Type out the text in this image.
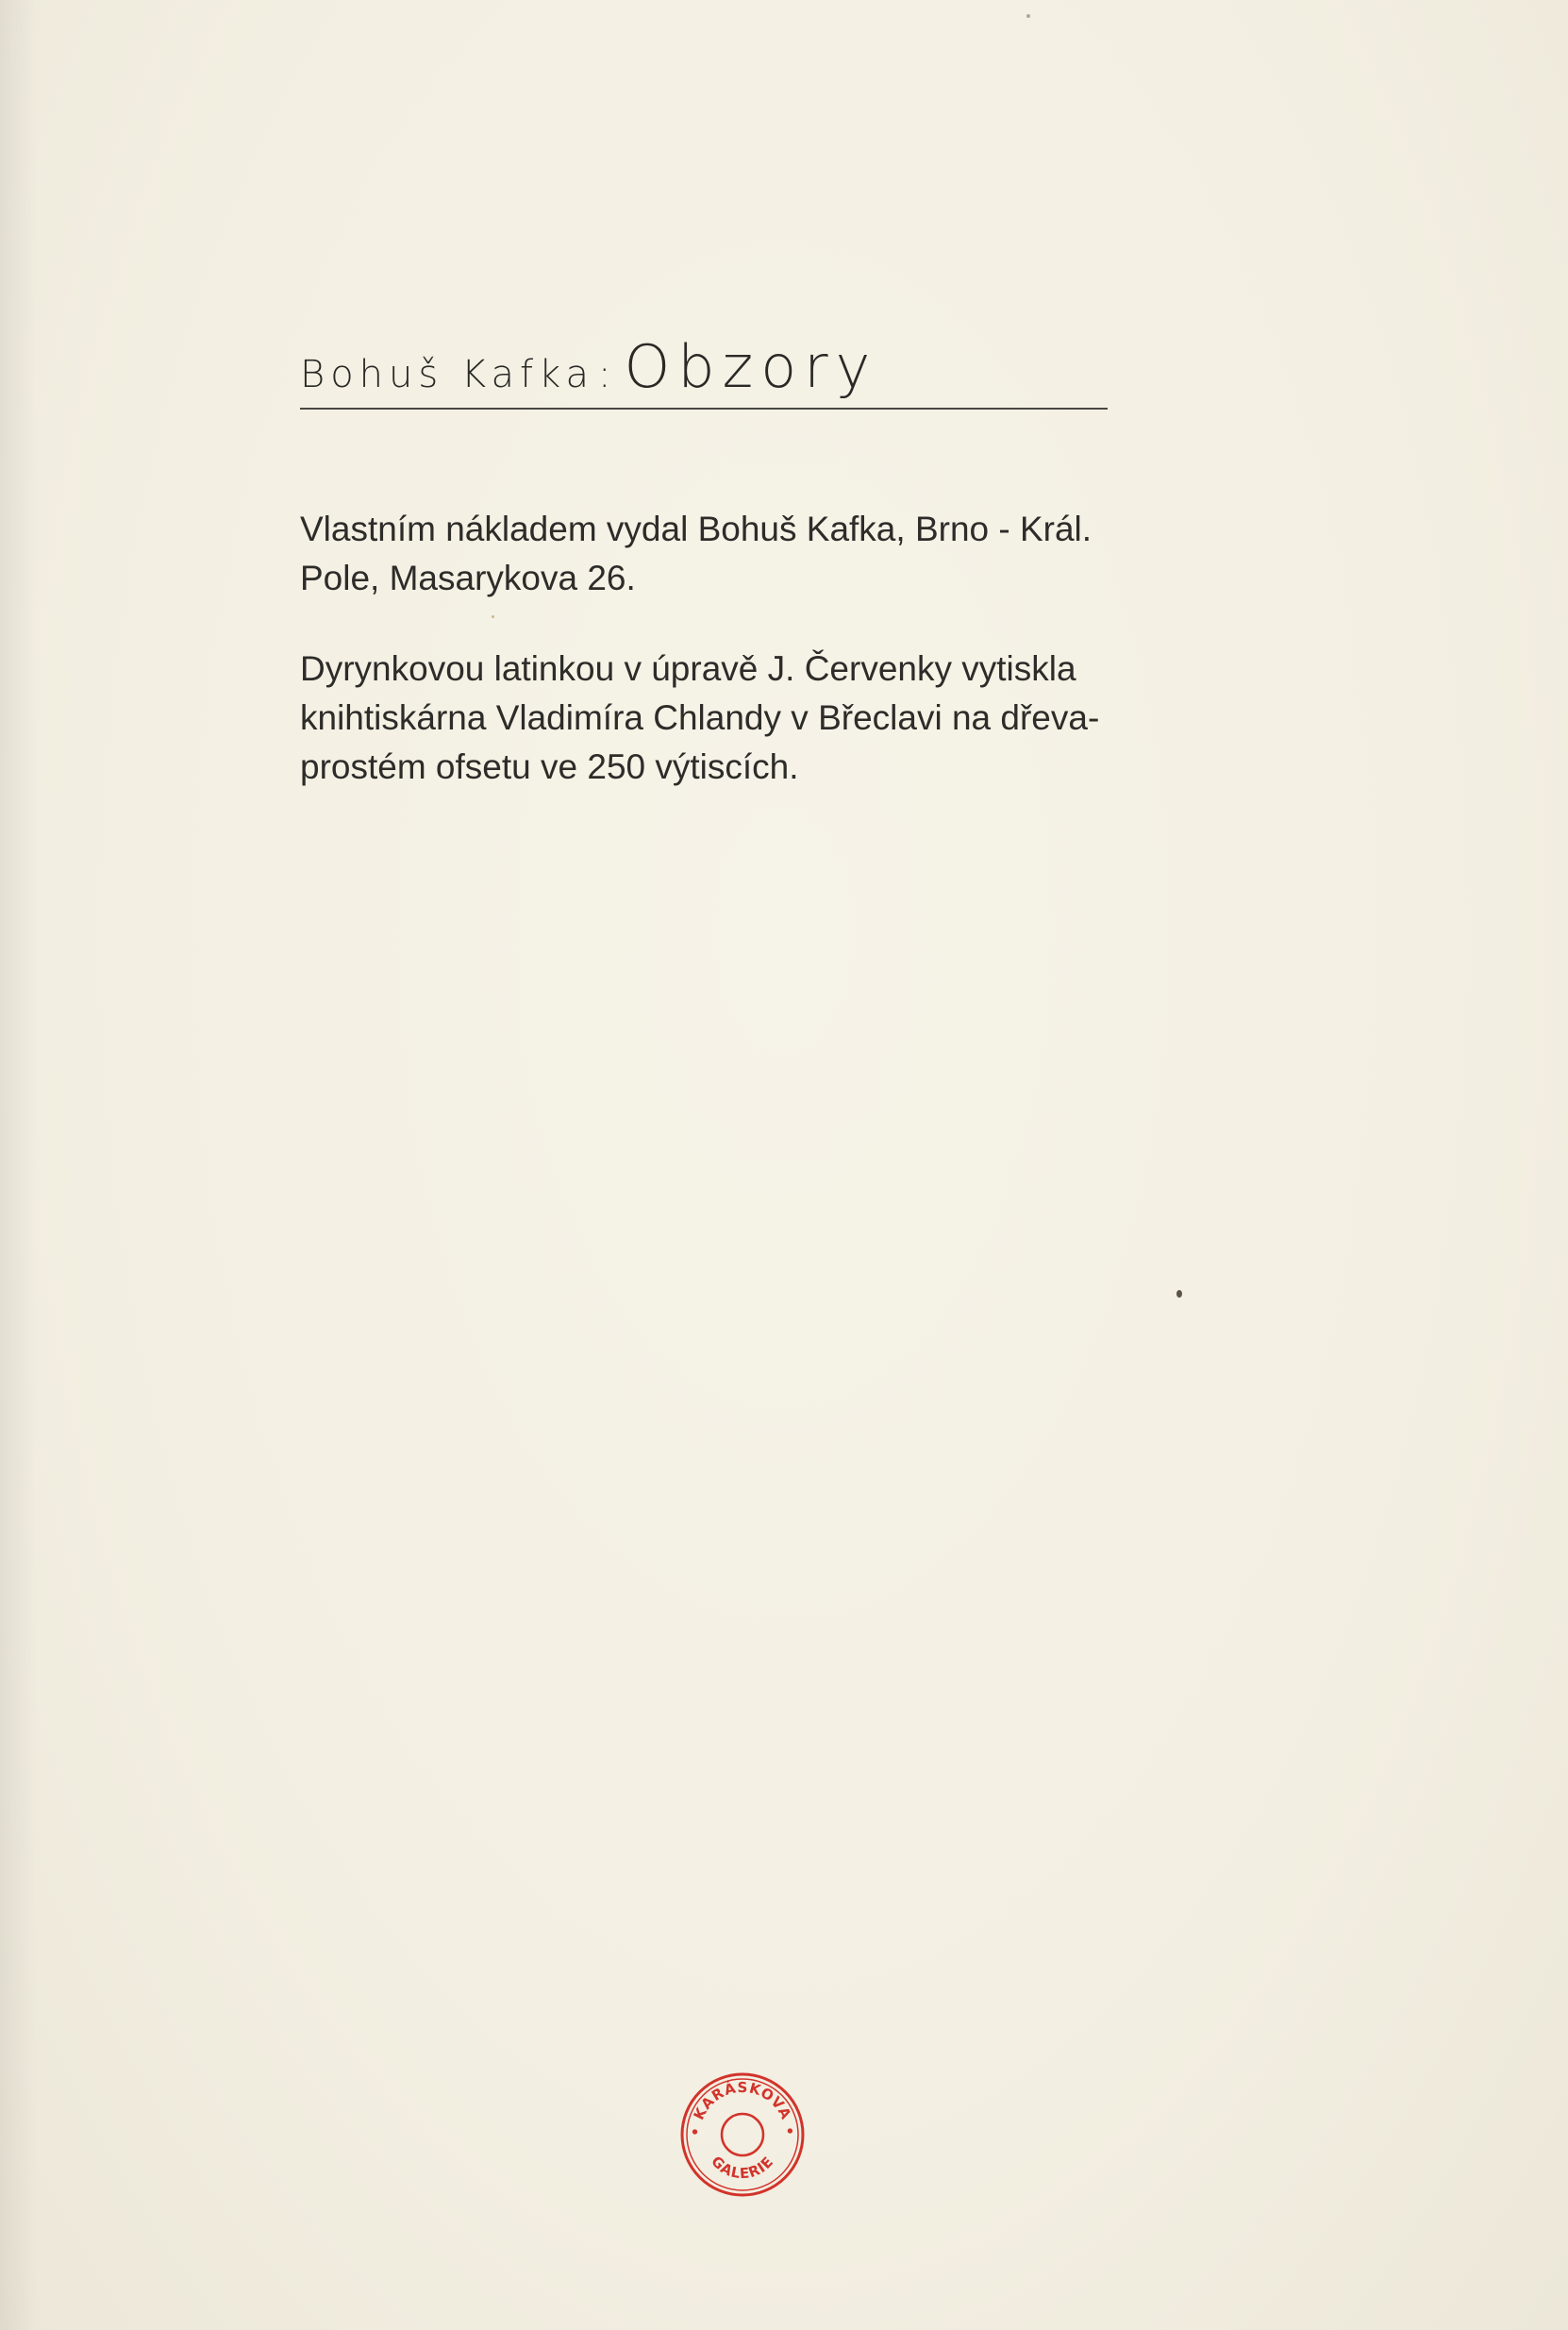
Bohuš Kafka : Obzory
Vlastním nákladem vydal Bohuš Kafka, Brno - Král.
Pole, Masarykova 26.
Dyrynkovou latinkou v úpravě J. Červenky vytiskla
knihtiskárna Vladimíra Chlandy v Břeclavi na dřeva-
prostém ofsetu ve 250 výtiscích.
• KARÁSKOVA •
GALERIE
